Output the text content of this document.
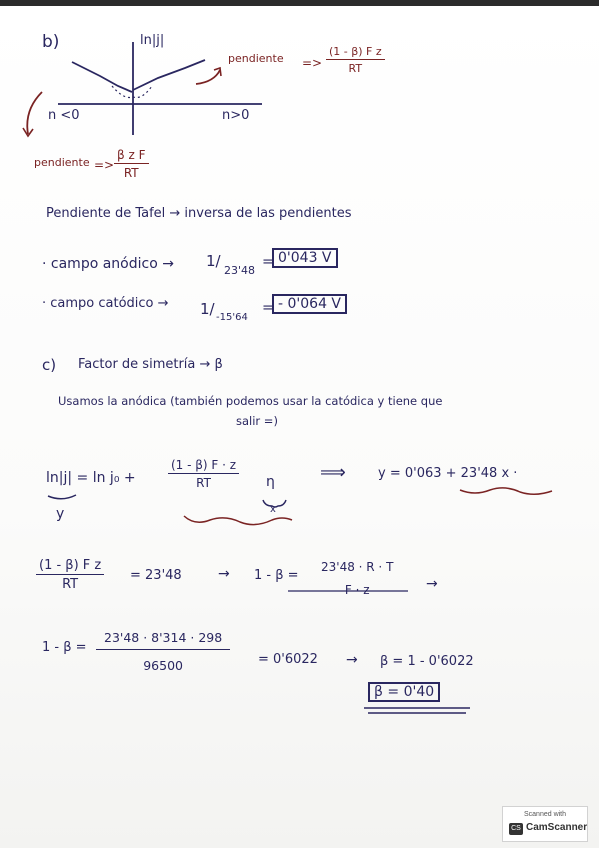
b)	ln|j|
n <0	n>0
pendiente => $\frac{\text{(1 - β) F z}}{RT}$
pendiente => $\frac{\text{β z F}}{RT}$
Pendiente de Tafel → inversa de las pendientes
· campo anódico → 1/
23'48
= 0'043 V
· campo catódico → 1/ -15'64
= - 0'064 V
c) Factor de simetría → β
Usamos la anódica (también podemos usar la catódica y tiene que
salir =)
ln|j| = ln j₀ +
y
$\frac{(1 - \beta) F \cdot z}{RT}$ η
x
⟹ y = 0'063 + 23'48 x ·
$\frac{\text{(1 - β) F z}}{RT} = 23'48$	→ 1 - β =
23'48 · R · T
F · z	→
$1 - \beta = \frac{23'48 \cdot 8'314 \cdot 298}{96500} = 0'6022 \to \beta = 1 - 0'6022$
β = 0'40
Scanned with
CS CamScanner
